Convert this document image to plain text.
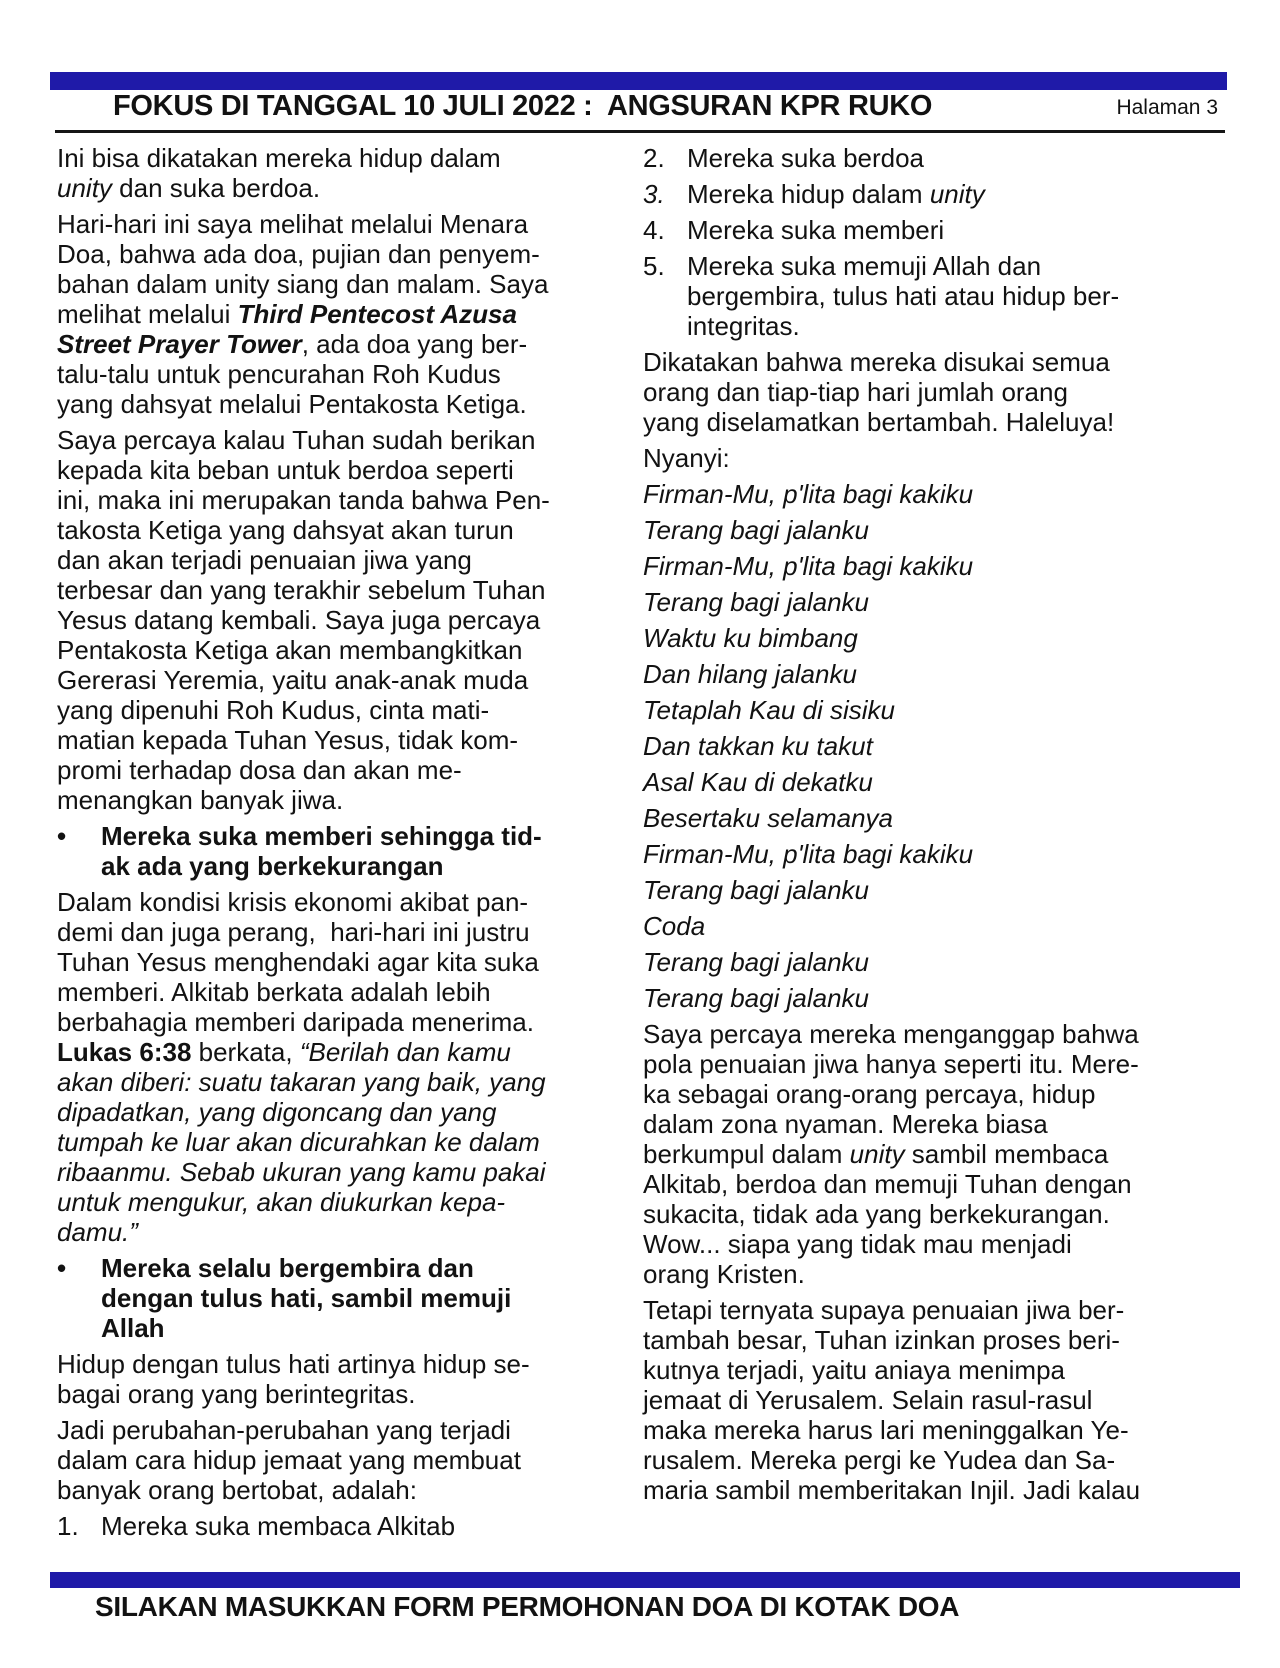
FOKUS DI TANGGAL 10 JULI 2022 :  ANGSURAN KPR RUKO	Halaman 3
Ini bisa dikatakan mereka hidup dalam
unity dan suka berdoa.
Hari-hari ini saya melihat melalui Menara
Doa, bahwa ada doa, pujian dan penyem-
bahan dalam unity siang dan malam. Saya
melihat melalui Third Pentecost Azusa
Street Prayer Tower, ada doa yang ber-
talu-talu untuk pencurahan Roh Kudus
yang dahsyat melalui Pentakosta Ketiga.
Saya percaya kalau Tuhan sudah berikan
kepada kita beban untuk berdoa seperti
ini, maka ini merupakan tanda bahwa Pen-
takosta Ketiga yang dahsyat akan turun
dan akan terjadi penuaian jiwa yang
terbesar dan yang terakhir sebelum Tuhan
Yesus datang kembali. Saya juga percaya
Pentakosta Ketiga akan membangkitkan
Gererasi Yeremia, yaitu anak-anak muda
yang dipenuhi Roh Kudus, cinta mati-
matian kepada Tuhan Yesus, tidak kom-
promi terhadap dosa dan akan me-
menangkan banyak jiwa.
•	Mereka suka memberi sehingga tid-
ak ada yang berkekurangan
Dalam kondisi krisis ekonomi akibat pan-
demi dan juga perang,  hari-hari ini justru
Tuhan Yesus menghendaki agar kita suka
memberi. Alkitab berkata adalah lebih
berbahagia memberi daripada menerima.
Lukas 6:38 berkata, “Berilah dan kamu
akan diberi: suatu takaran yang baik, yang
dipadatkan, yang digoncang dan yang
tumpah ke luar akan dicurahkan ke dalam
ribaanmu. Sebab ukuran yang kamu pakai
untuk mengukur, akan diukurkan kepa-
damu.”
•	Mereka selalu bergembira dan
dengan tulus hati, sambil memuji
Allah
Hidup dengan tulus hati artinya hidup se-
bagai orang yang berintegritas.
Jadi perubahan-perubahan yang terjadi
dalam cara hidup jemaat yang membuat
banyak orang bertobat, adalah:
1. Mereka suka membaca Alkitab
2. Mereka suka berdoa
3. Mereka hidup dalam unity
4. Mereka suka memberi
5. Mereka suka memuji Allah dan
bergembira, tulus hati atau hidup ber-
integritas.
Dikatakan bahwa mereka disukai semua
orang dan tiap-tiap hari jumlah orang
yang diselamatkan bertambah. Haleluya!
Nyanyi:
Firman-Mu, p'lita bagi kakiku
Terang bagi jalanku
Firman-Mu, p'lita bagi kakiku
Terang bagi jalanku
Waktu ku bimbang
Dan hilang jalanku
Tetaplah Kau di sisiku
Dan takkan ku takut
Asal Kau di dekatku
Besertaku selamanya
Firman-Mu, p'lita bagi kakiku
Terang bagi jalanku
Coda
Terang bagi jalanku
Terang bagi jalanku
Saya percaya mereka menganggap bahwa
pola penuaian jiwa hanya seperti itu. Mere-
ka sebagai orang-orang percaya, hidup
dalam zona nyaman. Mereka biasa
berkumpul dalam unity sambil membaca
Alkitab, berdoa dan memuji Tuhan dengan
sukacita, tidak ada yang berkekurangan.
Wow... siapa yang tidak mau menjadi
orang Kristen.
Tetapi ternyata supaya penuaian jiwa ber-
tambah besar, Tuhan izinkan proses beri-
kutnya terjadi, yaitu aniaya menimpa
jemaat di Yerusalem. Selain rasul-rasul
maka mereka harus lari meninggalkan Ye-
rusalem. Mereka pergi ke Yudea dan Sa-
maria sambil memberitakan Injil. Jadi kalau
SILAKAN MASUKKAN FORM PERMOHONAN DOA DI KOTAK DOA
